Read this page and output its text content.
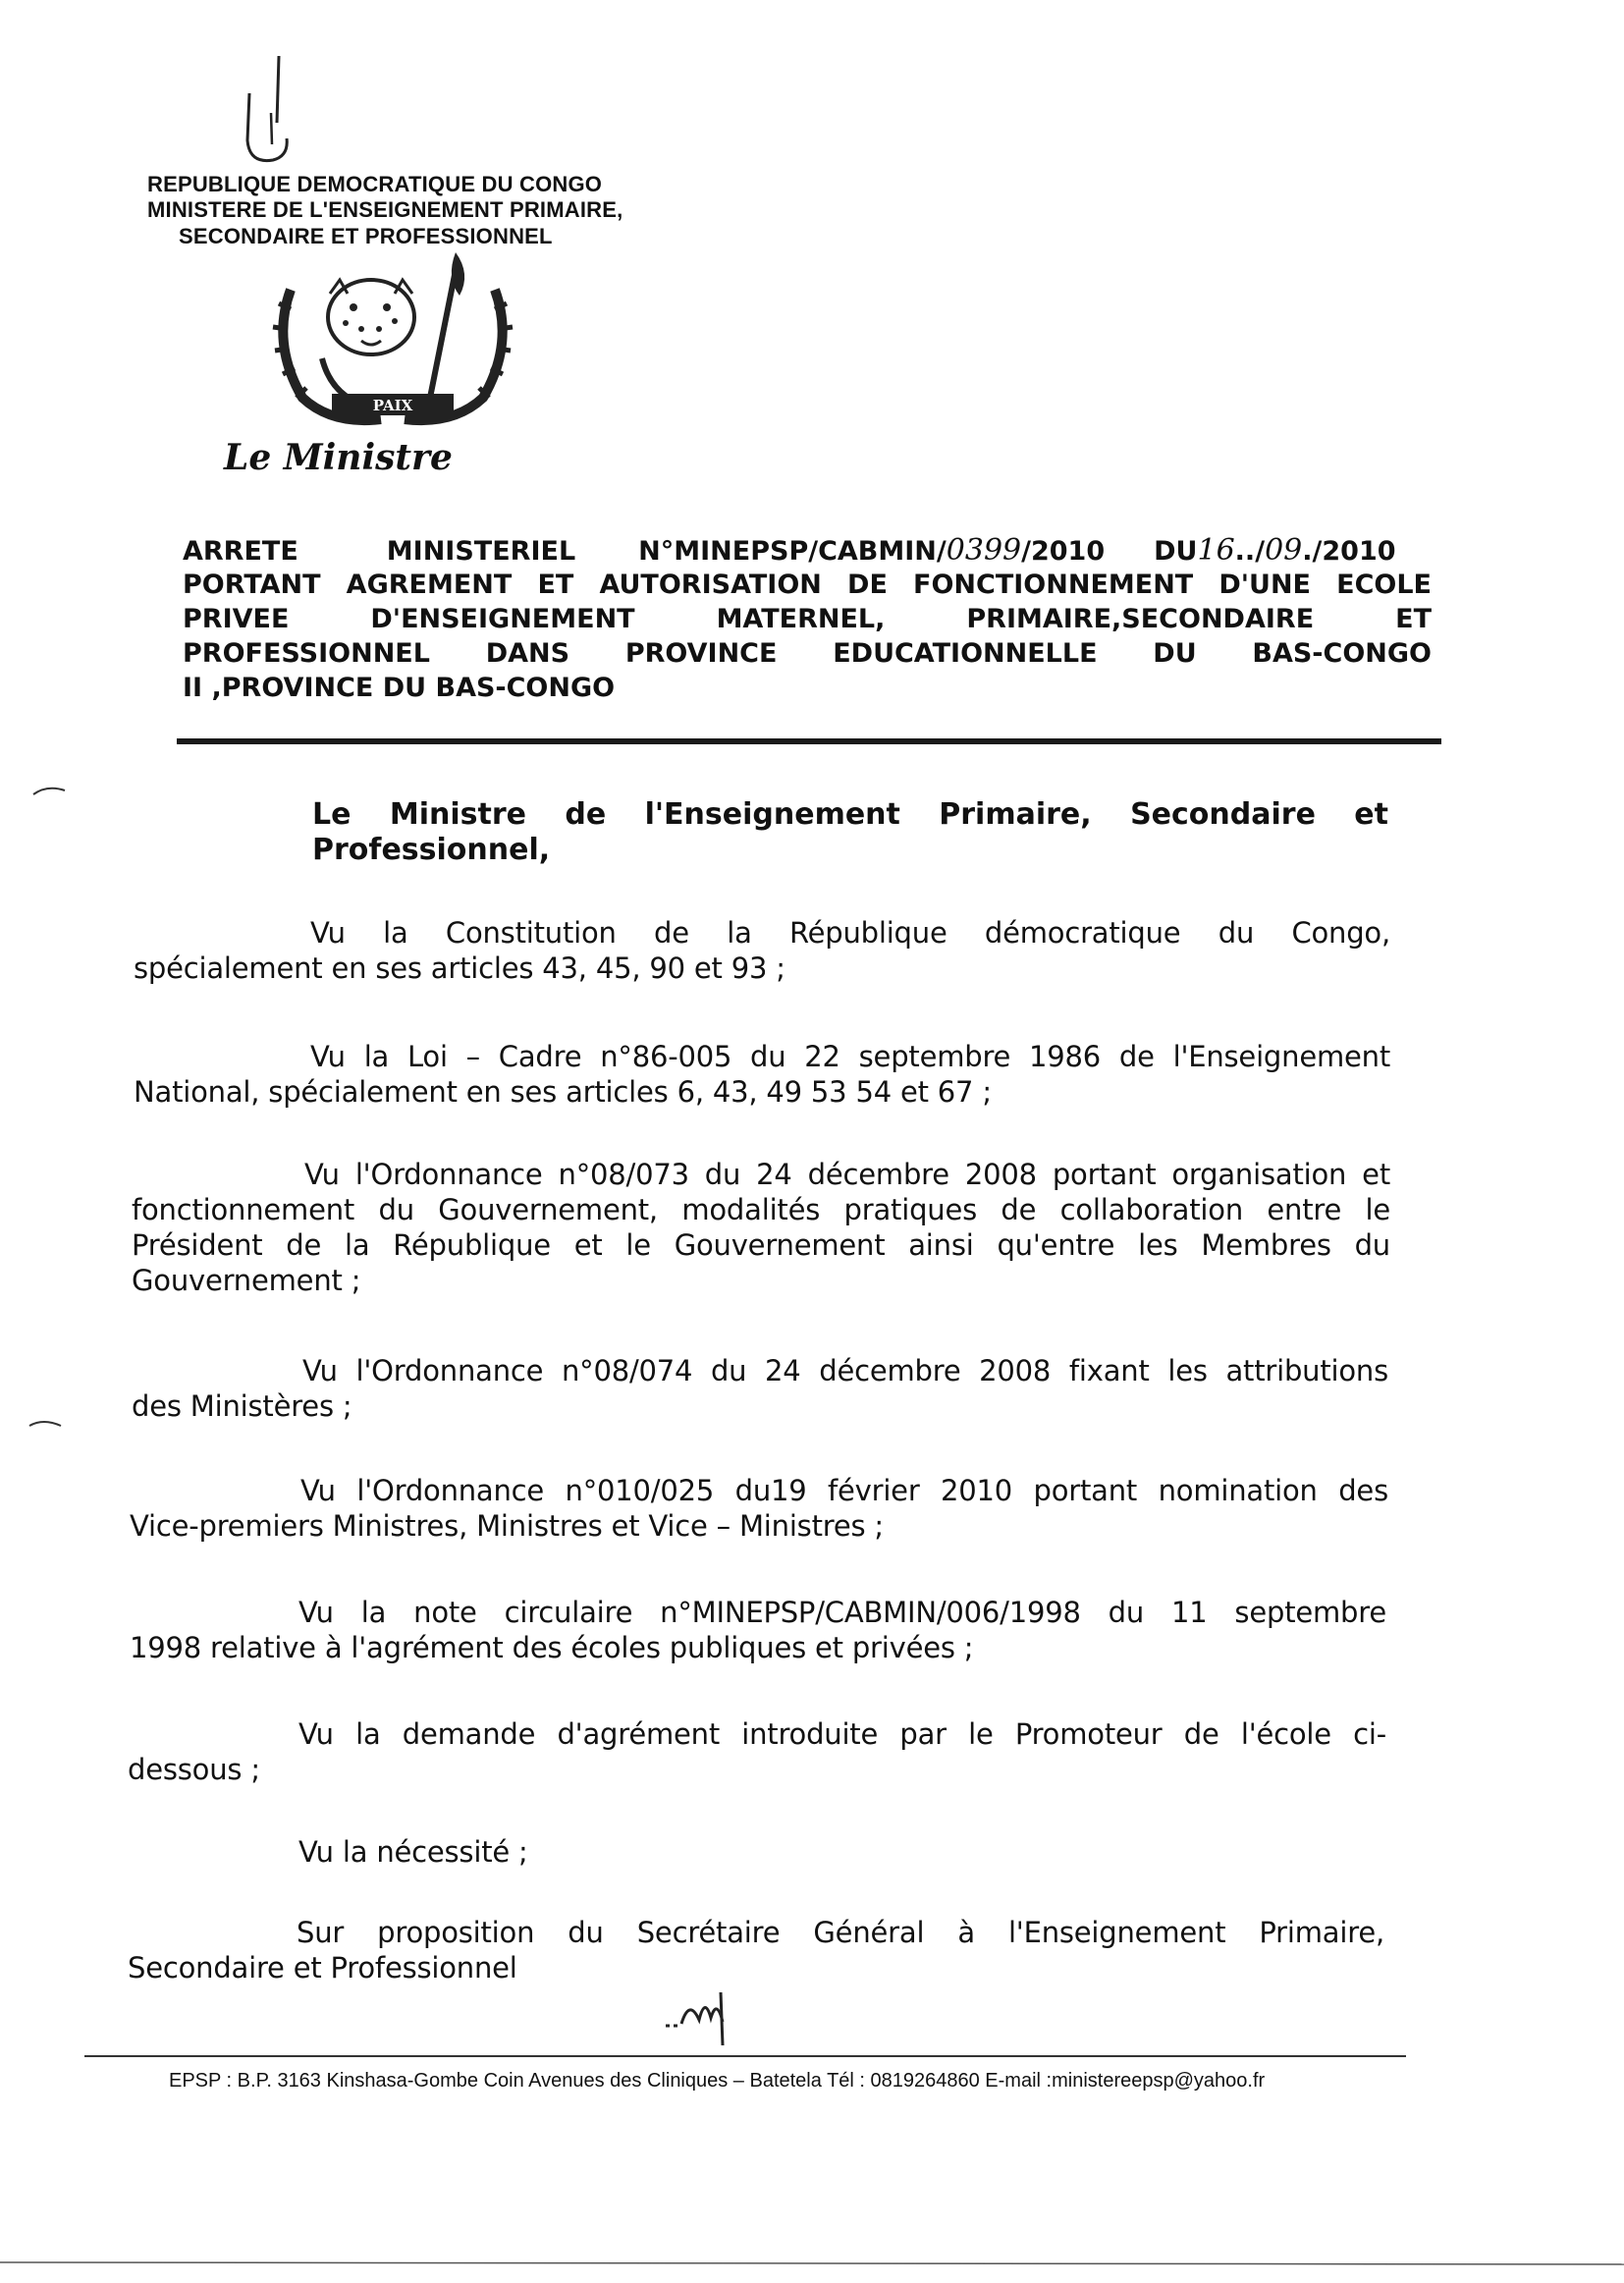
REPUBLIQUE DEMOCRATIQUE DU CONGO
MINISTERE DE L'ENSEIGNEMENT PRIMAIRE,
SECONDAIRE ET PROFESSIONNEL
PAIX
Le Ministre
ARRETE	MINISTERIEL N°MINEPSP/CABMIN/0399/2010 DU16../09./2010
PORTANT AGREMENT ET AUTORISATION DE FONCTIONNEMENT D'UNE ECOLE
PRIVEE D'ENSEIGNEMENT MATERNEL, PRIMAIRE,SECONDAIRE ET
PROFESSIONNEL DANS PROVINCE EDUCATIONNELLE DU BAS-CONGO
II ,PROVINCE DU BAS-CONGO
Le Ministre de l'Enseignement Primaire, Secondaire et
Professionnel,
Vu la Constitution de la République démocratique du Congo,
spécialement en ses articles 43, 45, 90 et 93 ;
Vu la Loi – Cadre n°86-005 du 22 septembre 1986 de l'Enseignement
National, spécialement en ses articles 6, 43, 49 53 54 et 67 ;
Vu l'Ordonnance n°08/073 du 24 décembre 2008 portant organisation et
fonctionnement du Gouvernement, modalités pratiques de collaboration entre le
Président de la République et le Gouvernement ainsi qu'entre les Membres du
Gouvernement ;
Vu l'Ordonnance n°08/074 du 24 décembre 2008 fixant les attributions
des Ministères ;
Vu l'Ordonnance n°010/025 du19 février 2010 portant nomination des
Vice-premiers Ministres, Ministres et Vice – Ministres ;
Vu la note circulaire n°MINEPSP/CABMIN/006/1998 du 11 septembre
1998 relative à l'agrément des écoles publiques et privées ;
Vu la demande d'agrément introduite par le Promoteur de l'école ci-
dessous ;
Vu la nécessité ;
Sur proposition du Secrétaire Général à l'Enseignement Primaire,
Secondaire et Professionnel
EPSP : B.P. 3163 Kinshasa-Gombe Coin Avenues des Cliniques – Batetela Tél : 0819264860 E-mail :ministereepsp@yahoo.fr
